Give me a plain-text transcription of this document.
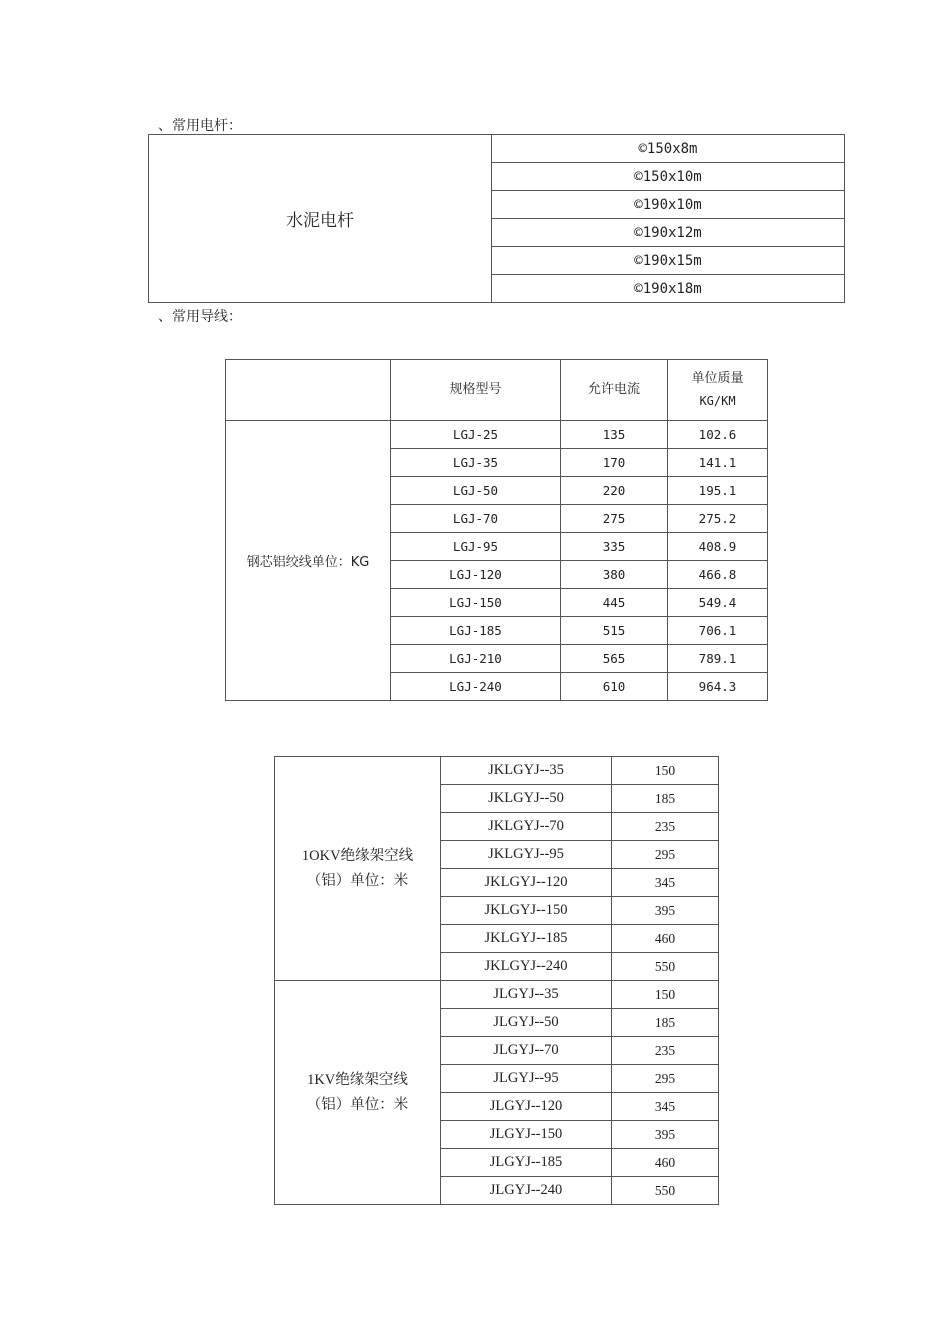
、常用电杆：
水泥电杆	©150x8m
©150x10m
©190x10m
©190x12m
©190x15m
©190x18m
、常用导线：
	规格型号	允许电流	单位质量
KG/KM

钢芯铝绞线单位：KG	LGJ-25	135	102.6
	LGJ-35	170	141.1
	LGJ-50	220	195.1
	LGJ-70	275	275.2
	LGJ-95	335	408.9
	LGJ-120	380	466.8
	LGJ-150	445	549.4
	LGJ-185	515	706.1
	LGJ-210	565	789.1
	LGJ-240	610	964.3
1OKV绝缘架空线
（铝）单位：米	JKLGYJ--35	150
	JKLGYJ--50	185
	JKLGYJ--70	235
	JKLGYJ--95	295
	JKLGYJ--120	345
	JKLGYJ--150	395
	JKLGYJ--185	460
	JKLGYJ--240	550

1KV绝缘架空线
（铝）单位：米	JLGYJ--35	150
	JLGYJ--50	185
	JLGYJ--70	235
	JLGYJ--95	295
	JLGYJ--120	345
	JLGYJ--150	395
	JLGYJ--185	460
	JLGYJ--240	550
